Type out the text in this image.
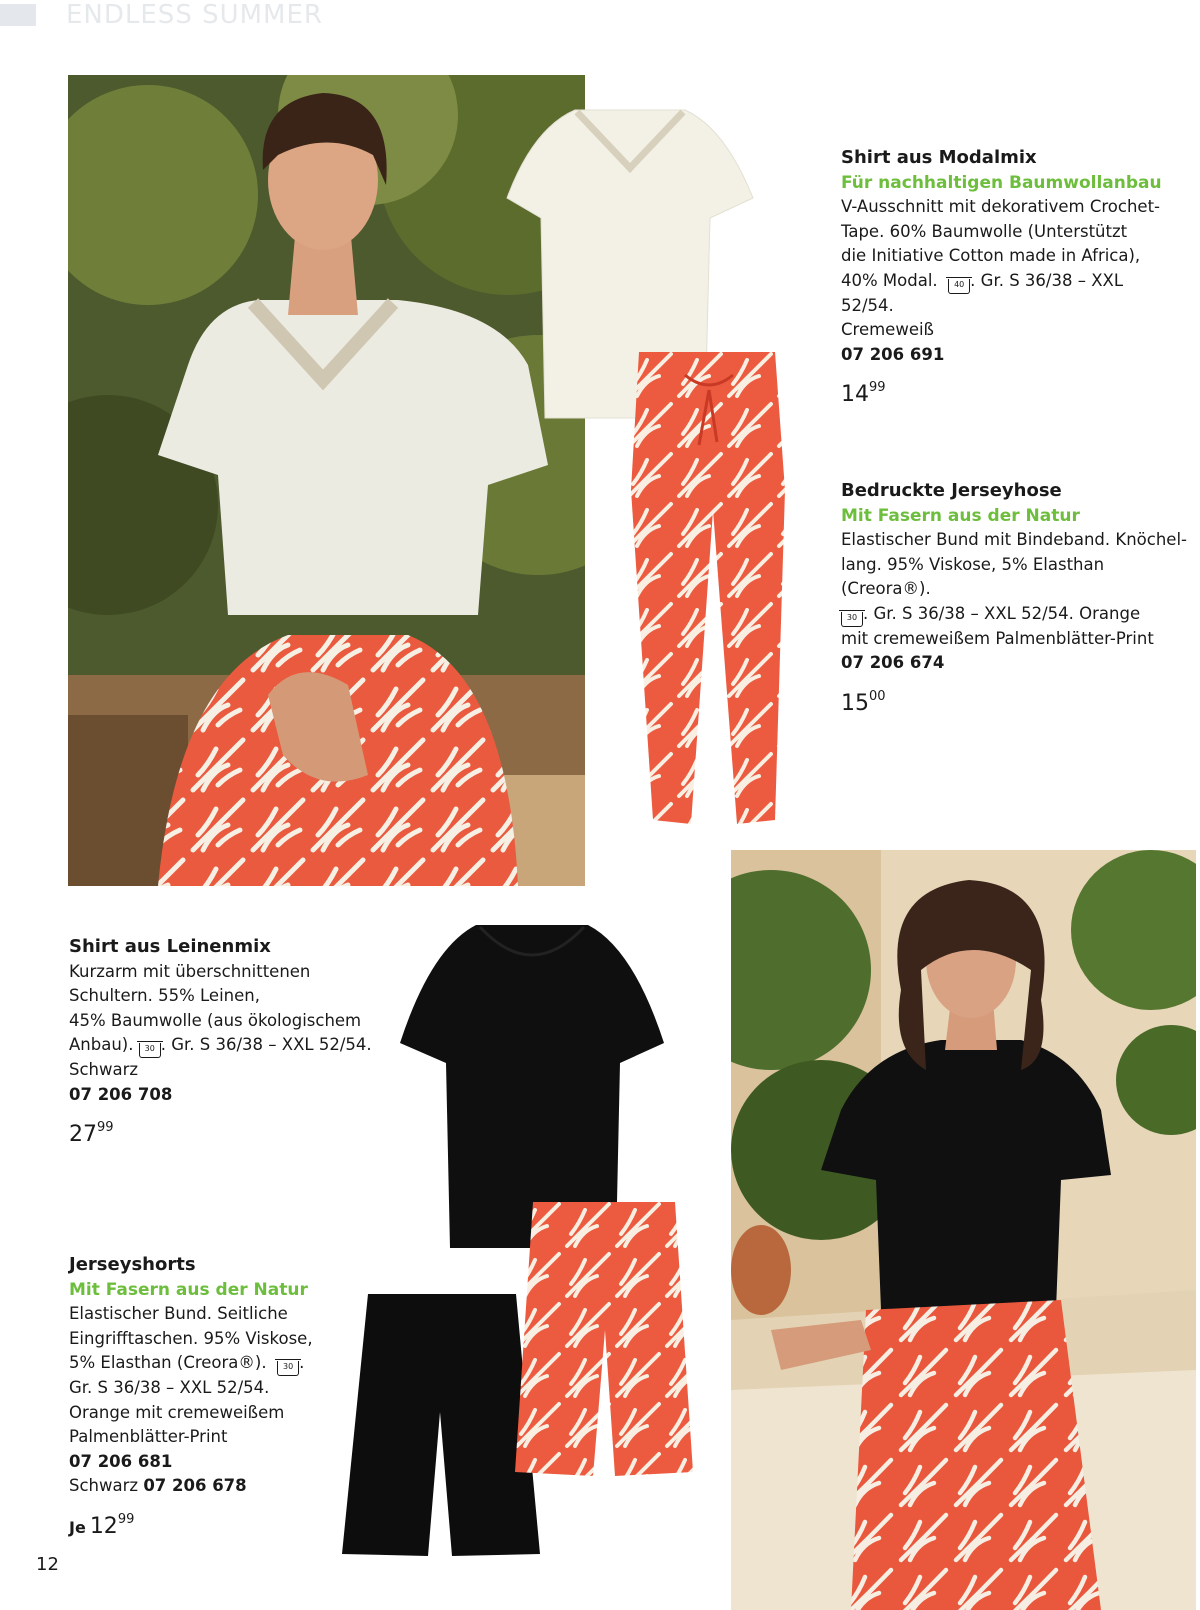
ENDLESS SUMMER
Shirt aus Modalmix
Für nachhaltigen Baumwollanbau
V-Ausschnitt mit dekorativem Crochet-
Tape. 60% Baumwolle (Unterstützt
die Initiative Cotton made in Africa),
40% Modal. 40 . Gr. S 36/38 – XXL 52/54.
Cremeweiß
07 206 691
$14^{99}$
Bedruckte Jerseyhose
Mit Fasern aus der Natur
Elastischer Bund mit Bindeband. Knöchel-
lang. 95% Viskose, 5% Elasthan (Creora®).
30 . Gr. S 36/38 – XXL 52/54. Orange
mit cremeweißem Palmenblätter-Print
07 206 674
$15^{00}$
Shirt aus Leinenmix
Kurzarm mit überschnittenen
Schultern. 55% Leinen,
45% Baumwolle (aus ökologischem
Anbau). 30 . Gr. S 36/38 – XXL 52/54.
Schwarz
07 206 708
$27^{99}$
Jerseyshorts
Mit Fasern aus der Natur
Elastischer Bund. Seitliche
Eingrifftaschen. 95% Viskose,
5% Elasthan (Creora®). 30 .
Gr. S 36/38 – XXL 52/54.
Orange mit cremeweißem
Palmenblätter-Print
07 206 681
Schwarz 07 206 678
Je $12^{99}$
12
